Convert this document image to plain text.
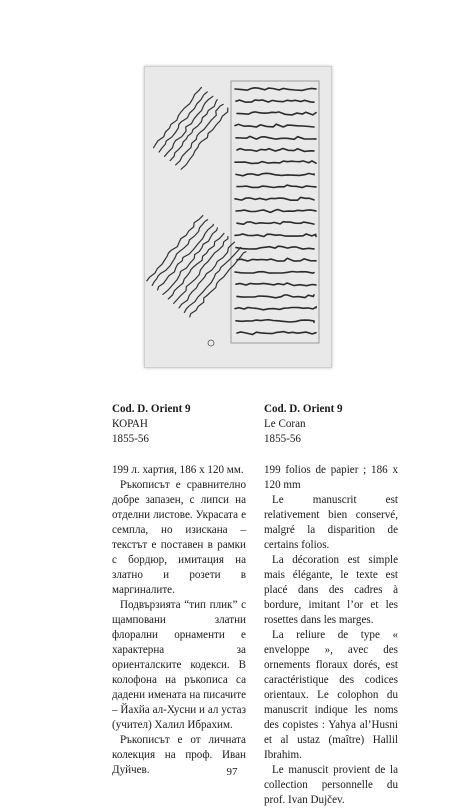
Cod. D. Orient 9

КОРАН

1855-56

199 л. хартия, 186 x 120 мм.

Ръкописът е сравнително добре запазен, с липси на отделни листове. Украсата е семпла, но изискана – текстът е поставен в рамки с бордюр, имитация на златно и розети в маргиналите.

Подвързията “тип плик” с щамповани златни флорални орнаменти е характерна за ориенталските кодекси. В колофона на ръкописа са дадени имената на писачите – Йахйа ал-Хусни и ал устаз (учител) Халил Ибрахим.

Ръкописът е от личната колекция на проф. Иван Дуйчев.

Cod. D. Orient 9

Le Coran

1855-56

199 folios de papier ; 186 x 120 mm

Le manuscrit est relativement bien conservé, malgré la disparition de certains folios.

La décoration est simple mais élégante, le texte est placé dans des cadres à bordure, imitant l’or et les rosettes dans les marges.

La reliure de type « enveloppe », avec des ornements floraux dorés, est caractéristique des codices orientaux. Le colophon du manuscrit indique les noms des copistes : Yahya al’Husnі et al ustaz (maître) Hallil Ibrahim.

Le manuscit provient de la collection personnelle du prof. Ivan Dujčev.

97
